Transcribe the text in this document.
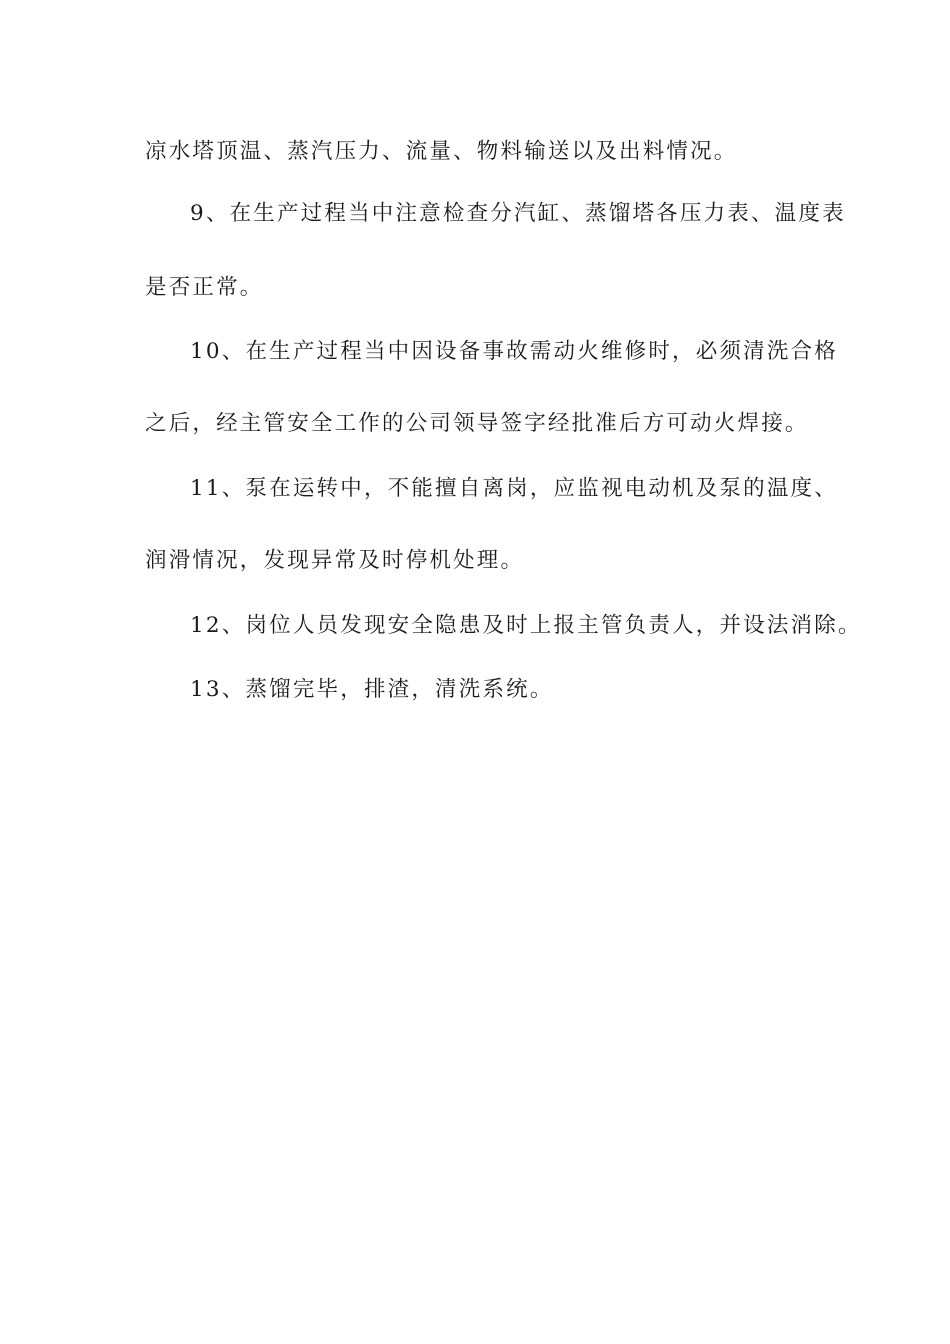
凉水塔顶温、蒸汽压力、流量、物料输送以及出料情况。

9、在生产过程当中注意检查分汽缸、蒸馏塔各压力表、温度表

是否正常。

10、在生产过程当中因设备事故需动火维修时，必须清洗合格

之后，经主管安全工作的公司领导签字经批准后方可动火焊接。

11、泵在运转中，不能擅自离岗，应监视电动机及泵的温度、

润滑情况，发现异常及时停机处理。

12、岗位人员发现安全隐患及时上报主管负责人，并设法消除。

13、蒸馏完毕，排渣，清洗系统。
